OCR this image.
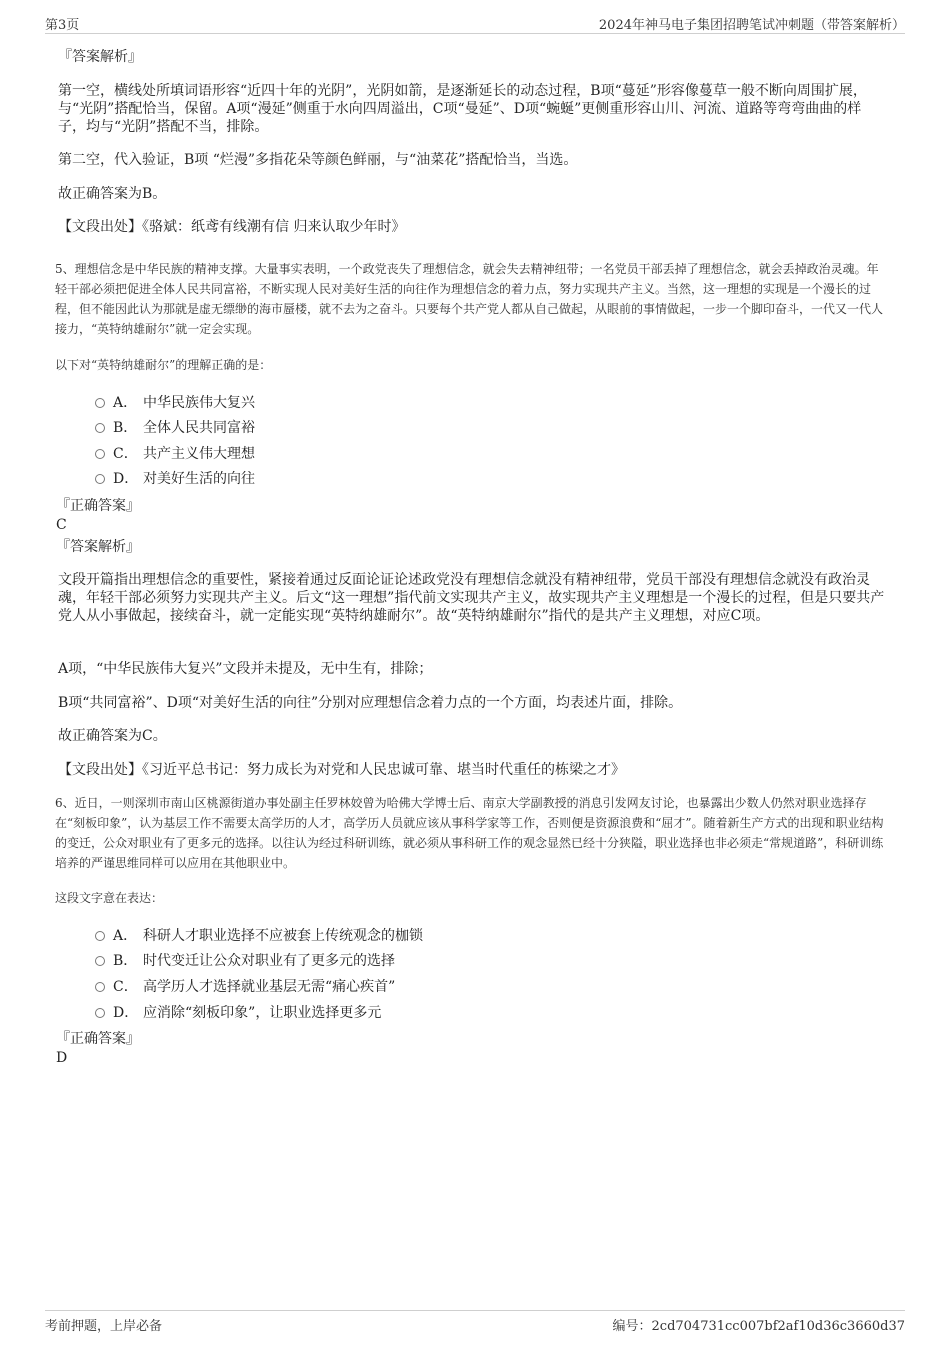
第3页	2024年神马电子集团招聘笔试冲刺题（带答案解析）
『答案解析』
第一空，横线处所填词语形容“近四十年的光阴”，光阴如箭，是逐渐延长的动态过程，B项“蔓延”形容像蔓草一般不断向周围扩展，与“光阴”搭配恰当，保留。A项“漫延”侧重于水向四周溢出，C项“曼延”、D项“蜿蜒”更侧重形容山川、河流、道路等弯弯曲曲的样子，均与“光阴”搭配不当，排除。
第二空，代入验证，B项 “烂漫”多指花朵等颜色鲜丽，与“油菜花”搭配恰当，当选。
故正确答案为B。
【文段出处】《骆斌：纸鸢有线潮有信 归来认取少年时》
5、理想信念是中华民族的精神支撑。大量事实表明，一个政党丧失了理想信念，就会失去精神纽带；一名党员干部丢掉了理想信念，就会丢掉政治灵魂。年轻干部必须把促进全体人民共同富裕，不断实现人民对美好生活的向往作为理想信念的着力点，努力实现共产主义。当然，这一理想的实现是一个漫长的过程，但不能因此认为那就是虚无缥缈的海市蜃楼，就不去为之奋斗。只要每个共产党人都从自己做起，从眼前的事情做起，一步一个脚印奋斗，一代又一代人接力，“英特纳雄耐尔”就一定会实现。
以下对“英特纳雄耐尔”的理解正确的是：
A． 中华民族伟大复兴
B． 全体人民共同富裕
C． 共产主义伟大理想
D． 对美好生活的向往
『正确答案』
C
『答案解析』
文段开篇指出理想信念的重要性，紧接着通过反面论证论述政党没有理想信念就没有精神纽带，党员干部没有理想信念就没有政治灵魂，年轻干部必须努力实现共产主义。后文“这一理想”指代前文实现共产主义，故实现共产主义理想是一个漫长的过程，但是只要共产党人从小事做起，接续奋斗，就一定能实现“英特纳雄耐尔”。故“英特纳雄耐尔”指代的是共产主义理想，对应C项。
A项，“中华民族伟大复兴”文段并未提及，无中生有，排除；
B项“共同富裕”、D项“对美好生活的向往”分别对应理想信念着力点的一个方面，均表述片面，排除。
故正确答案为C。
【文段出处】《习近平总书记：努力成长为对党和人民忠诚可靠、堪当时代重任的栋梁之才》
6、近日，一则深圳市南山区桃源街道办事处副主任罗林姣曾为哈佛大学博士后、南京大学副教授的消息引发网友讨论，也暴露出少数人仍然对职业选择存在“刻板印象”，认为基层工作不需要太高学历的人才，高学历人员就应该从事科学家等工作，否则便是资源浪费和“屈才”。随着新生产方式的出现和职业结构的变迁，公众对职业有了更多元的选择。以往认为经过科研训练，就必须从事科研工作的观念显然已经十分狭隘，职业选择也非必须走“常规道路”，科研训练培养的严谨思维同样可以应用在其他职业中。
这段文字意在表达：
A． 科研人才职业选择不应被套上传统观念的枷锁
B． 时代变迁让公众对职业有了更多元的选择
C． 高学历人才选择就业基层无需“痛心疾首”
D． 应消除“刻板印象”，让职业选择更多元
『正确答案』
D
考前押题，上岸必备	编号：2cd704731cc007bf2af10d36c3660d37
